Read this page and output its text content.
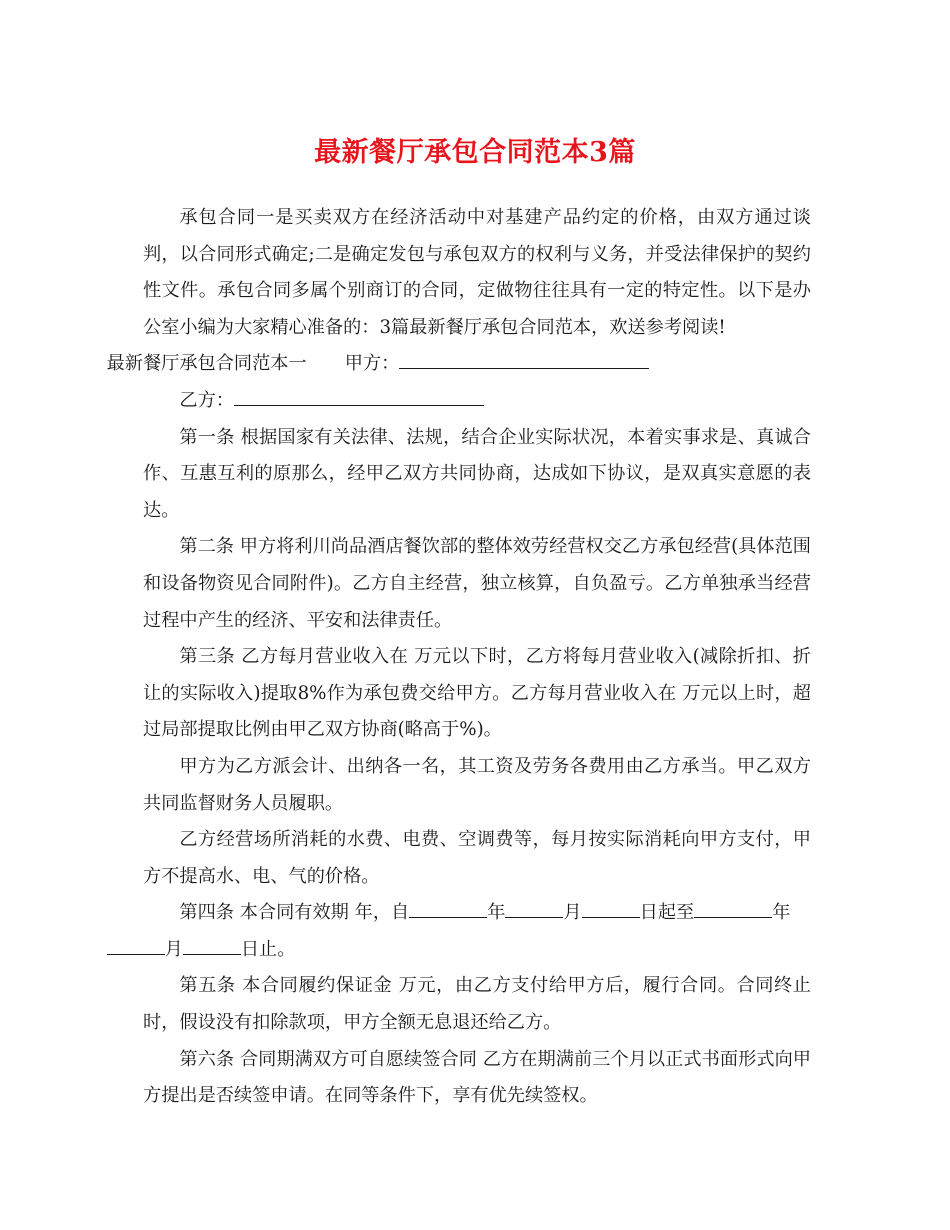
最新餐厅承包合同范本3篇

承包合同一是买卖双方在经济活动中对基建产品约定的价格，由双方通过谈判，以合同形式确定;二是确定发包与承包双方的权利与义务，并受法律保护的契约性文件。承包合同多属个别商订的合同，定做物往往具有一定的特定性。以下是办公室小编为大家精心准备的：3篇最新餐厅承包合同范本，欢送参考阅读!
最新餐厅承包合同范本一 甲方：

乙方：

第一条 根据国家有关法律、法规，结合企业实际状况，本着实事求是、真诚合作、互惠互利的原那么，经甲乙双方共同协商，达成如下协议，是双真实意愿的表达。

第二条 甲方将利川尚品酒店餐饮部的整体效劳经营权交乙方承包经营(具体范围和设备物资见合同附件)。乙方自主经营，独立核算，自负盈亏。乙方单独承当经营过程中产生的经济、平安和法律责任。

第三条 乙方每月营业收入在 万元以下时，乙方将每月营业收入(减除折扣、折让的实际收入)提取8%作为承包费交给甲方。乙方每月营业收入在 万元以上时，超过局部提取比例由甲乙双方协商(略高于%)。

甲方为乙方派会计、出纳各一名，其工资及劳务各费用由乙方承当。甲乙双方共同监督财务人员履职。

乙方经营场所消耗的水费、电费、空调费等，每月按实际消耗向甲方支付，甲方不提高水、电、气的价格。

第四条 本合同有效期 年，自	年	月	日起至	年
月	日止。

第五条 本合同履约保证金 万元，由乙方支付给甲方后，履行合同。合同终止时，假设没有扣除款项，甲方全额无息退还给乙方。

第六条 合同期满双方可自愿续签合同 乙方在期满前三个月以正式书面形式向甲方提出是否续签申请。在同等条件下，享有优先续签权。
